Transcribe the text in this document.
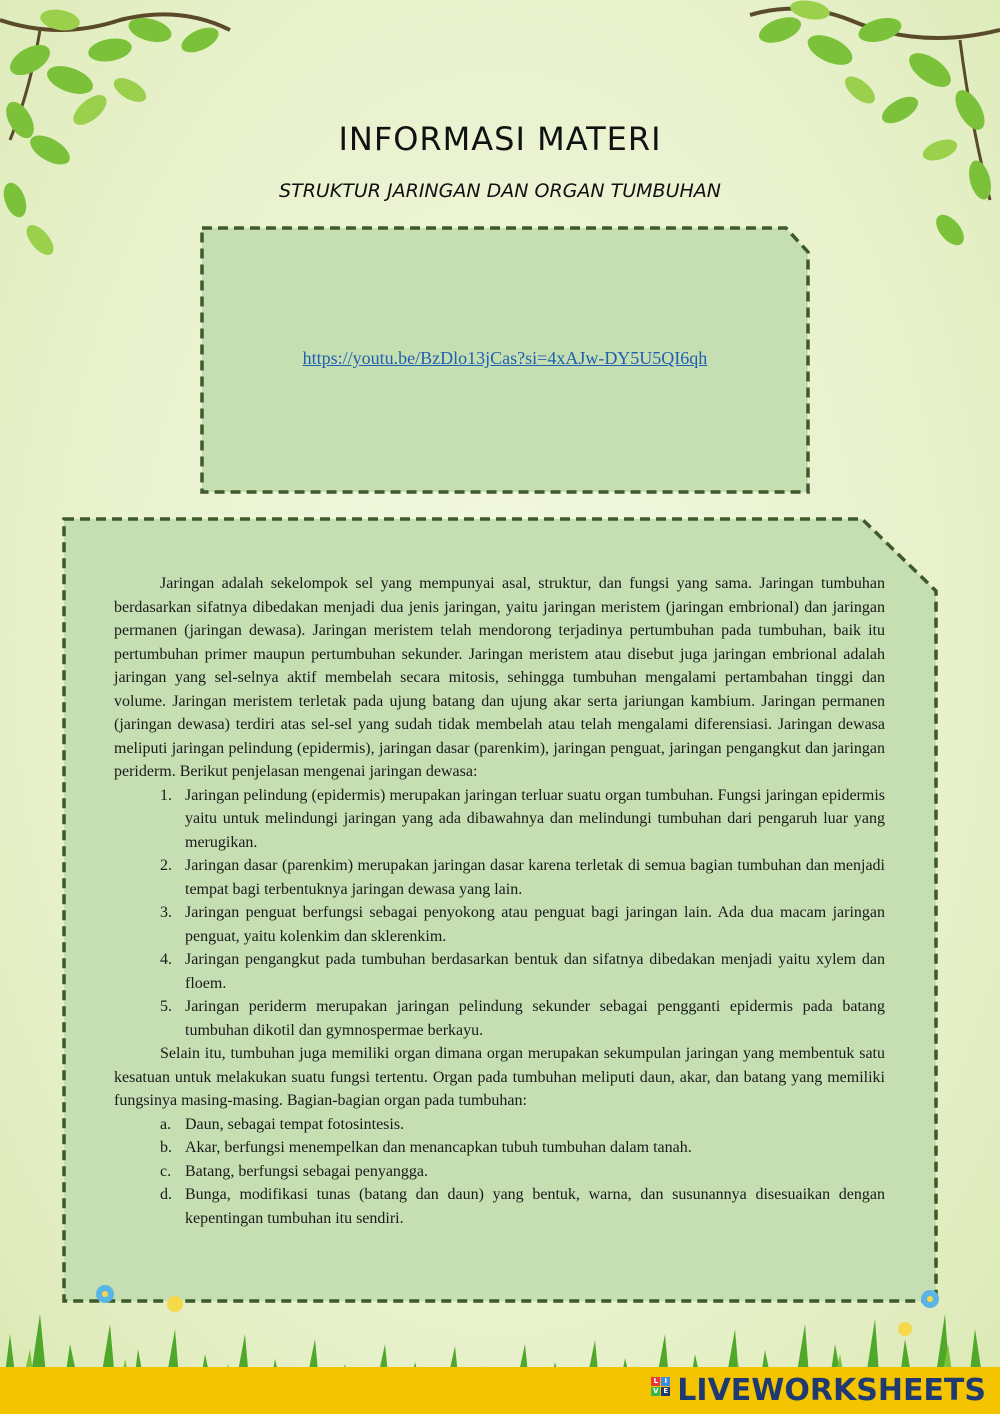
INFORMASI MATERI
STRUKTUR JARINGAN DAN ORGAN TUMBUHAN
https://youtu.be/BzDlo13jCas?si=4xAJw-DY5U5QI6qh

Jaringan adalah sekelompok sel yang mempunyai asal, struktur, dan fungsi yang sama. Jaringan tumbuhan berdasarkan sifatnya dibedakan menjadi dua jenis jaringan, yaitu jaringan meristem (jaringan embrional) dan jaringan permanen (jaringan dewasa). Jaringan meristem telah mendorong terjadinya pertumbuhan pada tumbuhan, baik itu pertumbuhan primer maupun pertumbuhan sekunder. Jaringan meristem atau disebut juga jaringan embrional adalah jaringan yang sel-selnya aktif membelah secara mitosis, sehingga tumbuhan mengalami pertambahan tinggi dan volume. Jaringan meristem terletak pada ujung batang dan ujung akar serta jariungan kambium. Jaringan permanen (jaringan dewasa) terdiri atas sel-sel yang sudah tidak membelah atau telah mengalami diferensiasi. Jaringan dewasa meliputi jaringan pelindung (epidermis), jaringan dasar (parenkim), jaringan penguat, jaringan pengangkut dan jaringan periderm. Berikut penjelasan mengenai jaringan dewasa:

1. Jaringan pelindung (epidermis) merupakan jaringan terluar suatu organ tumbuhan. Fungsi jaringan epidermis yaitu untuk melindungi jaringan yang ada dibawahnya dan melindungi tumbuhan dari pengaruh luar yang merugikan.
2. Jaringan dasar (parenkim) merupakan jaringan dasar karena terletak di semua bagian tumbuhan dan menjadi tempat bagi terbentuknya jaringan dewasa yang lain.
3. Jaringan penguat berfungsi sebagai penyokong atau penguat bagi jaringan lain. Ada dua macam jaringan penguat, yaitu kolenkim dan sklerenkim.
4. Jaringan pengangkut pada tumbuhan berdasarkan bentuk dan sifatnya dibedakan menjadi yaitu xylem dan floem.
5. Jaringan periderm merupakan jaringan pelindung sekunder sebagai pengganti epidermis pada batang tumbuhan dikotil dan gymnospermae berkayu.

Selain itu, tumbuhan juga memiliki organ dimana organ merupakan sekumpulan jaringan yang membentuk satu kesatuan untuk melakukan suatu fungsi tertentu. Organ pada tumbuhan meliputi daun, akar, dan batang yang memiliki fungsinya masing-masing. Bagian-bagian organ pada tumbuhan:

a. Daun, sebagai tempat fotosintesis.
b. Akar, berfungsi menempelkan dan menancapkan tubuh tumbuhan dalam tanah.
c. Batang, berfungsi sebagai penyangga.
d. Bunga, modifikasi tunas (batang dan daun) yang bentuk, warna, dan susunannya disesuaikan dengan kepentingan tumbuhan itu sendiri.
L I
V E LIVEWORKSHEETS
